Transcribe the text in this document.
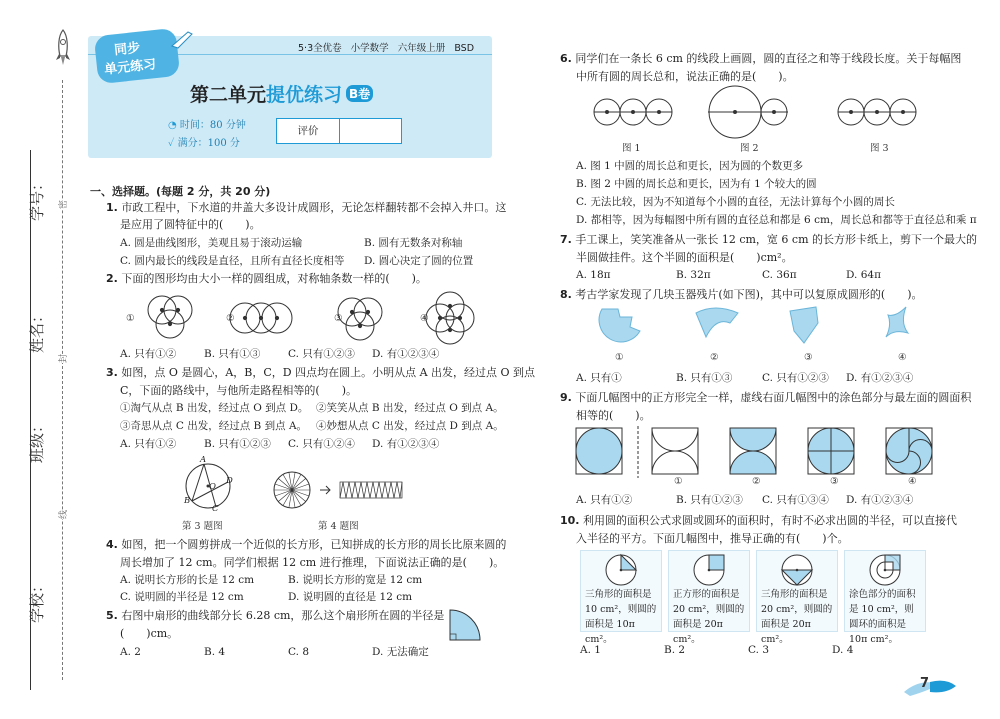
学号：
姓名：
班级：
学校：
密
封
线
同步
单元练习
5·3全优卷 小学数学 六年级上册 BSD
第二单元提优练习 B卷
◔ 时间：80 分钟
✓ 满分：100 分
评价
一、选择题。(每题 2 分，共 20 分)
1. 市政工程中，下水道的井盖大多设计成圆形，无论怎样翻转都不会掉入井口。这
是应用了圆特征中的(　　)。
A. 圆是曲线图形，美观且易于滚动运输	B. 圆有无数条对称轴
C. 圆内最长的线段是直径，且所有直径长度相等 D. 圆心决定了圆的位置
2. 下面的图形均由大小一样的圆组成，对称轴条数一样的(　　)。
①	②	③	④
A. 只有①②	B. 只有①③	C. 只有①②③ D. 有①②③④
3. 如图，点 O 是圆心，A，B，C，D 四点均在圆上。小明从点 A 出发，经过点 O 到点
C，下面的路线中，与他所走路程相等的(　　)。
①淘气从点 B 出发，经过点 O 到点 D。 ②笑笑从点 B 出发，经过点 O 到点 A。
③奇思从点 C 出发，经过点 B 到点 A。 ④妙想从点 C 出发，经过点 D 到点 A。
A. 只有①②	B. 只有①②③ C. 只有①②④ D. 有①②③④
A
B
C
D
O
第 3 题图	第 4 题图
4. 如图，把一个圆剪拼成一个近似的长方形，已知拼成的长方形的周长比原来圆的
周长增加了 12 cm。同学们根据 12 cm 进行推理，下面说法正确的是(　　)。
A. 说明长方形的长是 12 cm	B. 说明长方形的宽是 12 cm
C. 说明圆的半径是 12 cm	D. 说明圆的直径是 12 cm
5. 右图中扇形的曲线部分长 6.28 cm，那么这个扇形所在圆的半径是
(　　)cm。
A. 2	B. 4	C. 8	D. 无法确定
6. 同学们在一条长 6 cm 的线段上画圆，圆的直径之和等于线段长度。关于每幅图
中所有圆的周长总和，说法正确的是(　　)。
图 1	图 2	图 3
A. 图 1 中圆的周长总和更长，因为圆的个数更多
B. 图 2 中圆的周长总和更长，因为有 1 个较大的圆
C. 无法比较，因为不知道每个小圆的直径，无法计算每个小圆的周长
D. 都相等，因为每幅图中所有圆的直径总和都是 6 cm，周长总和都等于直径总和乘 π
7. 手工课上，笑笑准备从一张长 12 cm，宽 6 cm 的长方形卡纸上，剪下一个最大的
半圆做挂件。这个半圆的面积是(　　)cm²。
A. 18π	B. 32π	C. 36π	D. 64π
8. 考古学家发现了几块玉器残片(如下图)，其中可以复原成圆形的(　　)。
①	②	③	④
A. 只有①	B. 只有①③	C. 只有①②③ D. 有①②③④
9. 下面几幅图中的正方形完全一样，虚线右面几幅图中的涂色部分与最左面的圆面积
相等的(　　)。
①	②	③	④
A. 只有①②	B. 只有①②③ C. 只有①③④ D. 有①②③④
10. 利用圆的面积公式求圆或圆环的面积时，有时不必求出圆的半径，可以直接代
入半径的平方。下面几幅图中，推导正确的有(　　)个。
三角形的面积是 10 cm²，则圆的面积是 10π cm²。
正方形的面积是 20 cm²，则圆的面积是 20π cm²。
三角形的面积是 20 cm²，则圆的面积是 20π cm²。
涂色部分的面积是 10 cm²，则圆环的面积是 10π cm²。
A. 1	B. 2	C. 3	D. 4
7
